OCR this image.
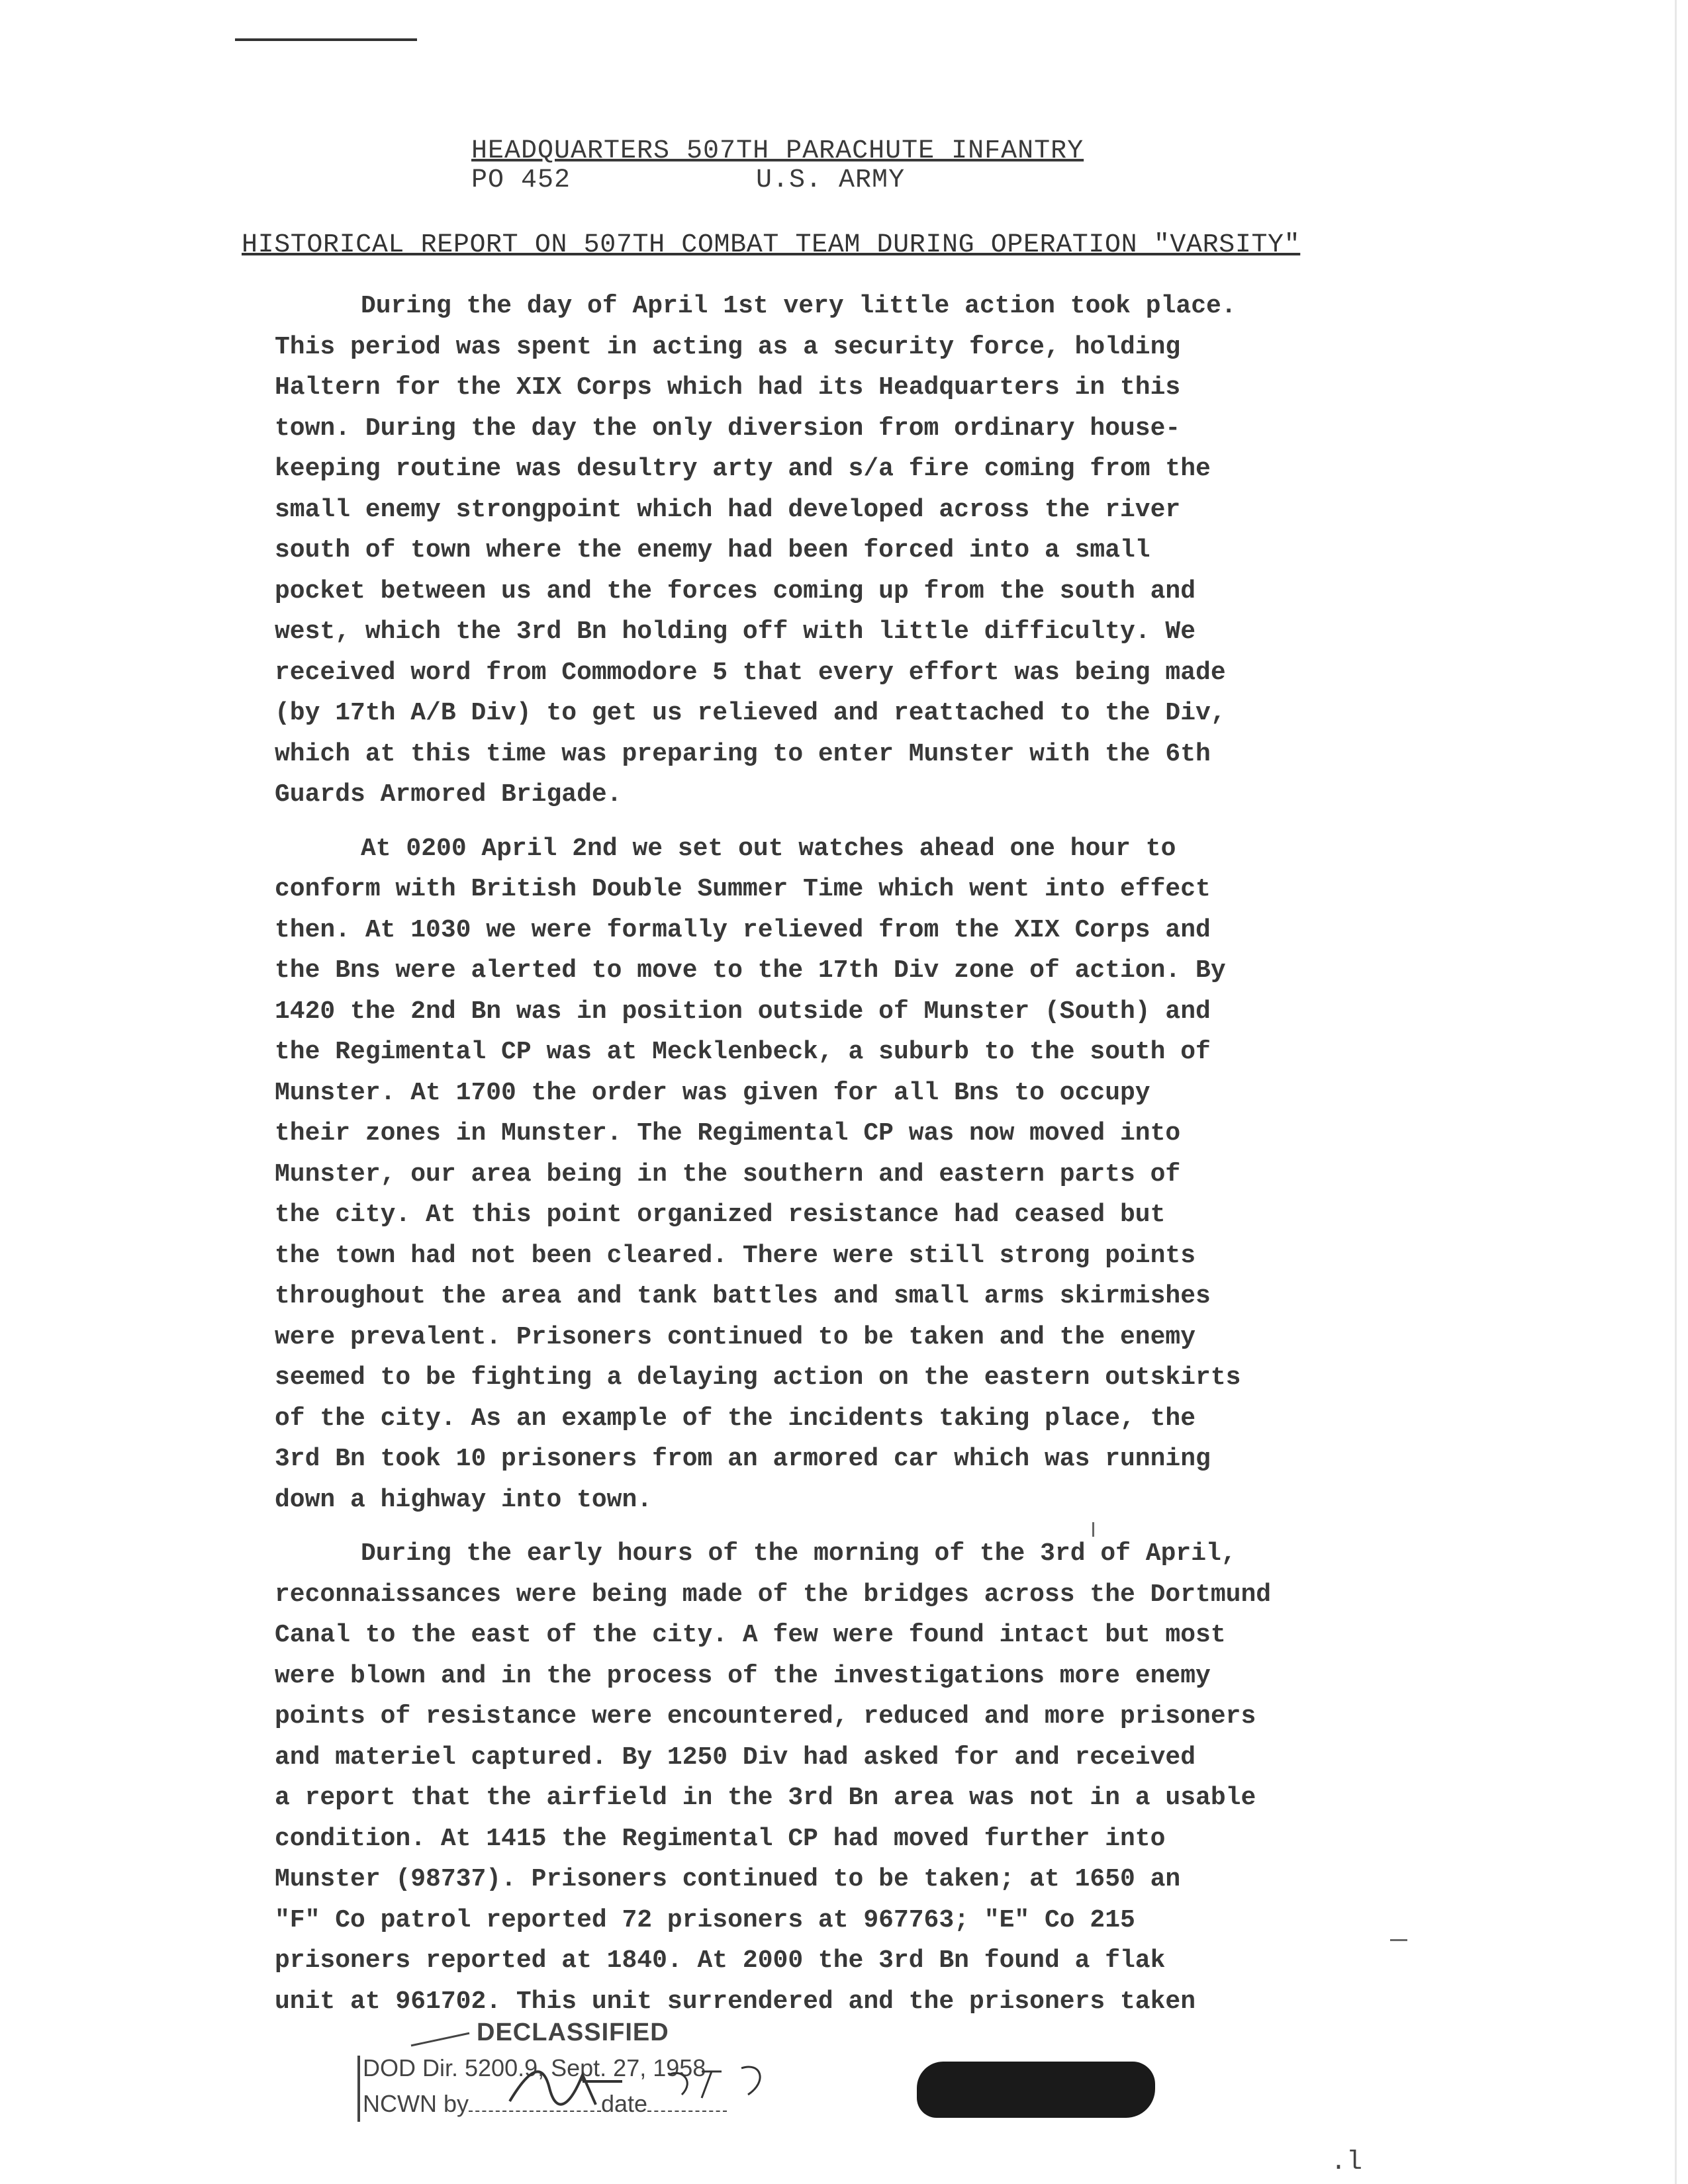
HEADQUARTERS 507TH PARACHUTE INFANTRY
PO 452	U.S. ARMY
HISTORICAL REPORT ON 507TH COMBAT TEAM DURING OPERATION "VARSITY"

During the day of April 1st very little action took place.
This period was spent in acting as a security force, holding
Haltern for the XIX Corps which had its Headquarters in this
town. During the day the only diversion from ordinary house-
keeping routine was desultry arty and s/a fire coming from the
small enemy strongpoint which had developed across the river
south of town where the enemy had been forced into a small
pocket between us and the forces coming up from the south and
west, which the 3rd Bn holding off with little difficulty. We
received word from Commodore 5 that every effort was being made
(by 17th A/B Div) to get us relieved and reattached to the Div,
which at this time was preparing to enter Munster with the 6th
Guards Armored Brigade.

At 0200 April 2nd we set out watches ahead one hour to
conform with British Double Summer Time which went into effect
then. At 1030 we were formally relieved from the XIX Corps and
the Bns were alerted to move to the 17th Div zone of action. By
1420 the 2nd Bn was in position outside of Munster (South) and
the Regimental CP was at Mecklenbeck, a suburb to the south of
Munster. At 1700 the order was given for all Bns to occupy
their zones in Munster. The Regimental CP was now moved into
Munster, our area being in the southern and eastern parts of
the city. At this point organized resistance had ceased but
the town had not been cleared. There were still strong points
throughout the area and tank battles and small arms skirmishes
were prevalent. Prisoners continued to be taken and the enemy
seemed to be fighting a delaying action on the eastern outskirts
of the city. As an example of the incidents taking place, the
3rd Bn took 10 prisoners from an armored car which was running
down a highway into town.

During the early hours of the morning of the 3rd of April,
reconnaissances were being made of the bridges across the Dortmund
Canal to the east of the city. A few were found intact but most
were blown and in the process of the investigations more enemy
points of resistance were encountered, reduced and more prisoners
and materiel captured. By 1250 Div had asked for and received
a report that the airfield in the 3rd Bn area was not in a usable
condition. At 1415 the Regimental CP had moved further into
Munster (98737). Prisoners continued to be taken; at 1650 an
"F" Co patrol reported 72 prisoners at 967763; "E" Co 215
prisoners reported at 1840. At 2000 the 3rd Bn found a flak
unit at 961702. This unit surrendered and the prisoners taken

DECLASSIFIED
DOD Dir. 5200.9, Sept. 27, 1958
NCWN by	date
.l
